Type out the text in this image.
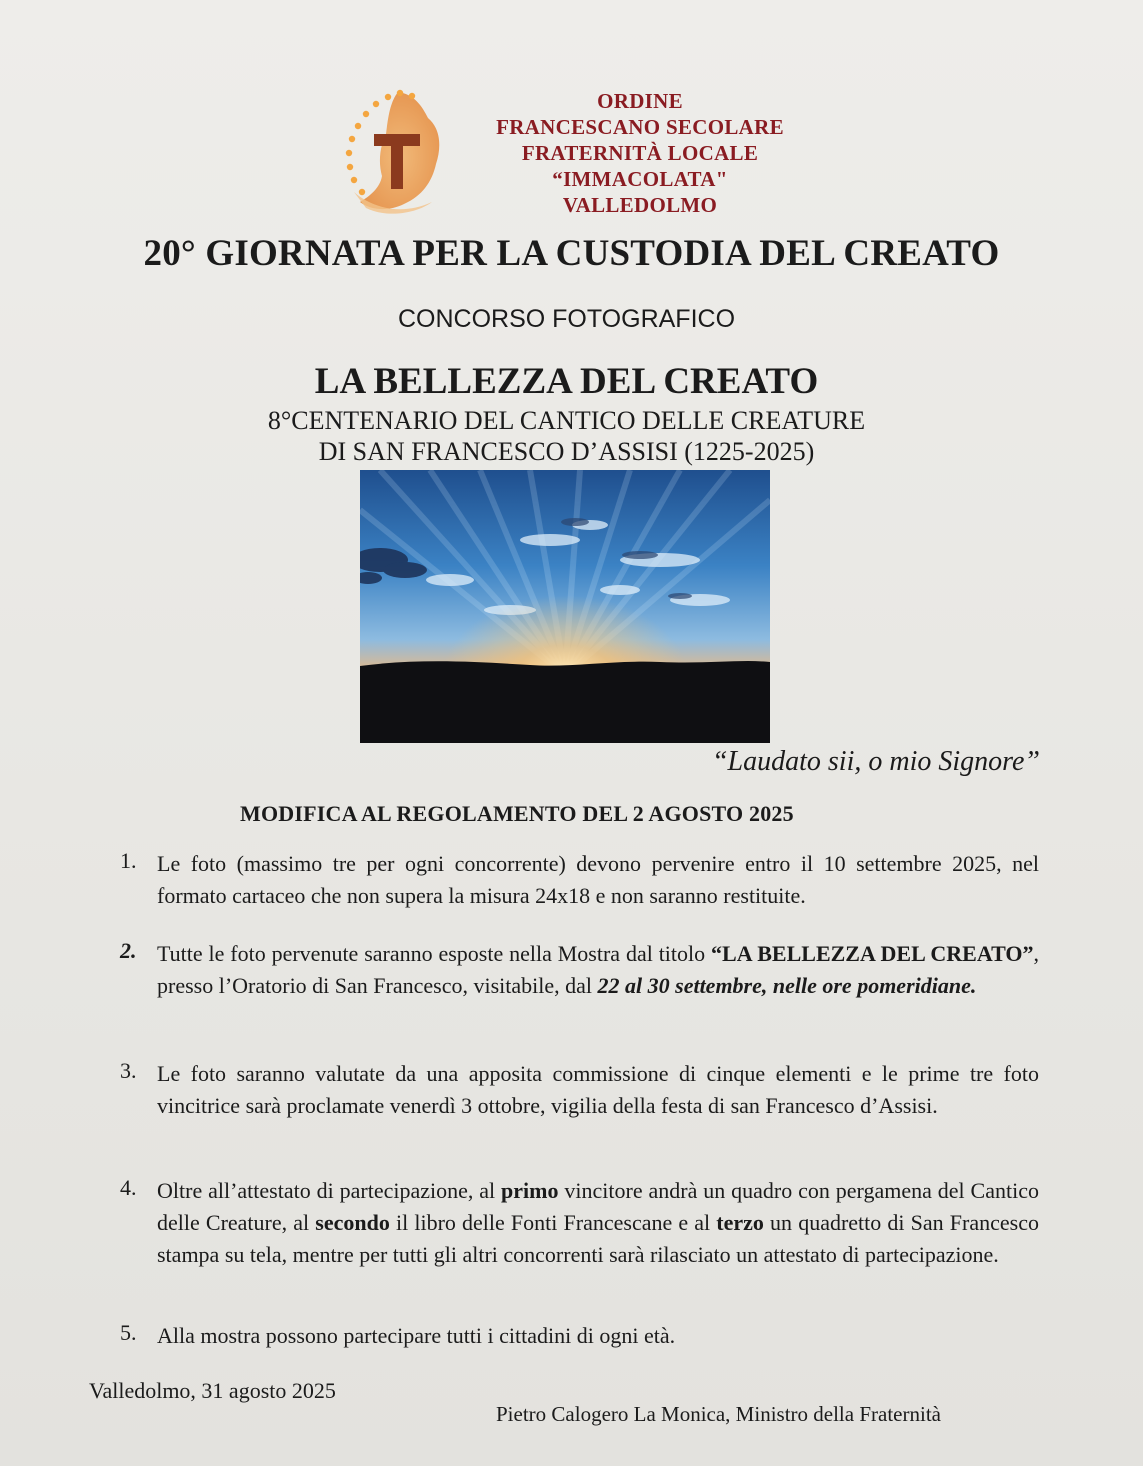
ORDINE
FRANCESCANO SECOLARE
FRATERNITÀ LOCALE
“IMMACOLATA"
VALLEDOLMO
20° GIORNATA PER LA CUSTODIA DEL CREATO
CONCORSO FOTOGRAFICO
LA BELLEZZA DEL CREATO
8°CENTENARIO DEL CANTICO DELLE CREATURE
DI SAN FRANCESCO D’ASSISI (1225-2025)
“Laudato sii, o mio Signore”
MODIFICA AL REGOLAMENTO DEL 2 AGOSTO 2025
1. Le foto (massimo tre per ogni concorrente) devono pervenire entro il 10 settembre 2025, nel formato cartaceo che non supera la misura 24x18 e non saranno restituite.
2. Tutte le foto pervenute saranno esposte nella Mostra dal titolo “LA BELLEZZA DEL CREATO”, presso l’Oratorio di San Francesco, visitabile, dal 22 al 30 settembre, nelle ore pomeridiane.
3. Le foto saranno valutate da una apposita commissione di cinque elementi e le prime tre foto vincitrice sarà proclamate venerdì 3 ottobre, vigilia della festa di san Francesco d’Assisi.
4. Oltre all’attestato di partecipazione, al primo vincitore andrà un quadro con pergamena del Cantico delle Creature, al secondo il libro delle Fonti Francescane e al terzo un quadretto di San Francesco stampa su tela, mentre per tutti gli altri concorrenti sarà rilasciato un attestato di partecipazione.
5. Alla mostra possono partecipare tutti i cittadini di ogni età.
Valledolmo, 31 agosto 2025
Pietro Calogero La Monica, Ministro della Fraternità
